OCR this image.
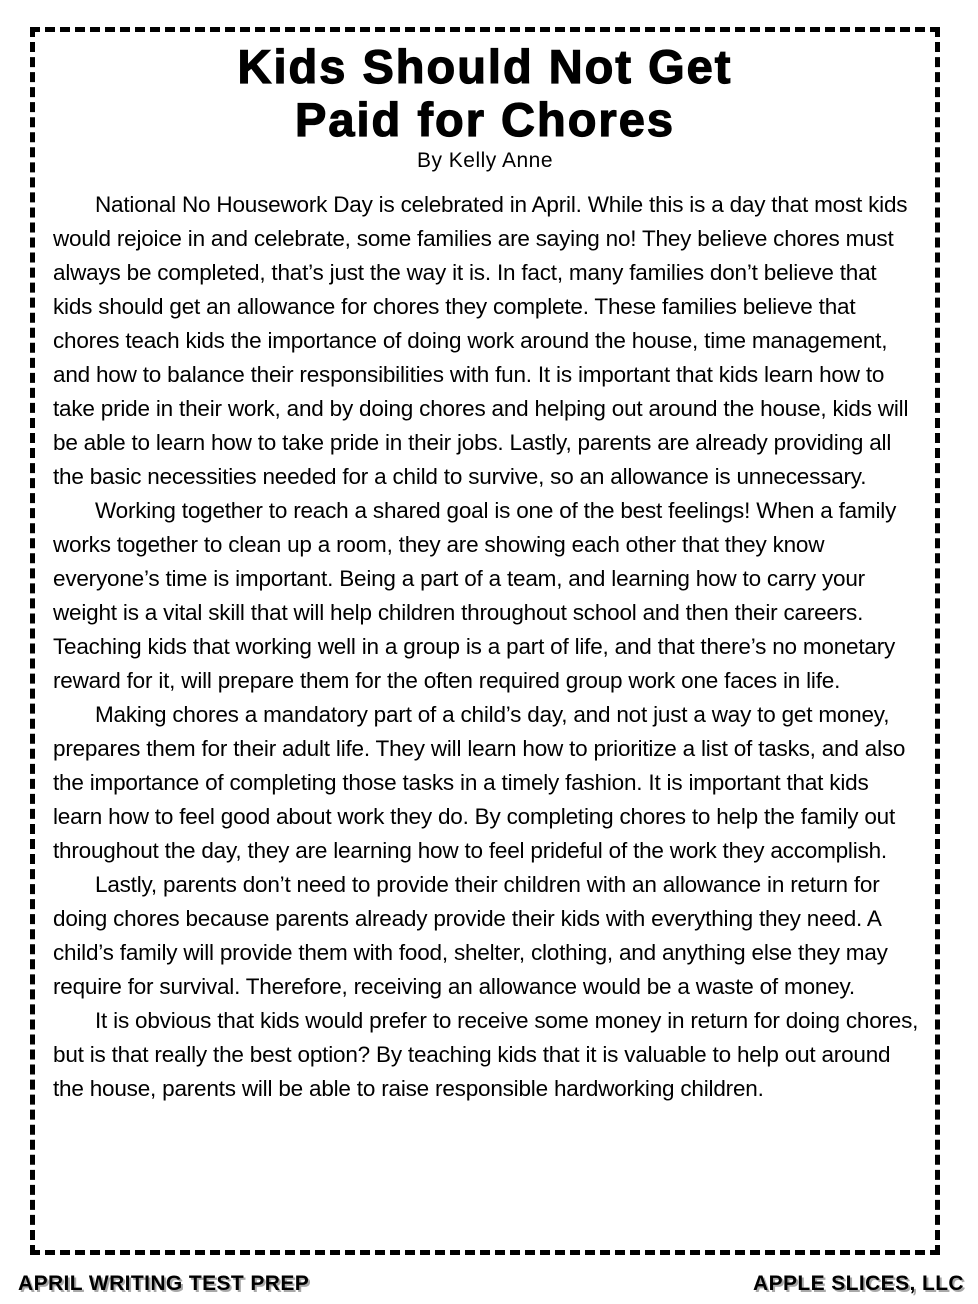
Kids Should Not Get
Paid for Chores
By Kelly Anne

National No Housework Day is celebrated in April. While this is a day that most kids would rejoice in and celebrate, some families are saying no! They believe chores must always be completed, that’s just the way it is. In fact, many families don’t believe that kids should get an allowance for chores they complete. These families believe that chores teach kids the importance of doing work around the house, time management, and how to balance their responsibilities with fun. It is important that kids learn how to take pride in their work, and by doing chores and helping out around the house, kids will be able to learn how to take pride in their jobs. Lastly, parents are already providing all the basic necessities needed for a child to survive, so an allowance is unnecessary.

Working together to reach a shared goal is one of the best feelings! When a family works together to clean up a room, they are showing each other that they know everyone’s time is important. Being a part of a team, and learning how to carry your weight is a vital skill that will help children throughout school and then their careers. Teaching kids that working well in a group is a part of life, and that there’s no monetary reward for it, will prepare them for the often required group work one faces in life.

Making chores a mandatory part of a child’s day, and not just a way to get money, prepares them for their adult life. They will learn how to prioritize a list of tasks, and also the importance of completing those tasks in a timely fashion. It is important that kids learn how to feel good about work they do. By completing chores to help the family out throughout the day, they are learning how to feel prideful of the work they accomplish.

Lastly, parents don’t need to provide their children with an allowance in return for doing chores because parents already provide their kids with everything they need. A child’s family will provide them with food, shelter, clothing, and anything else they may require for survival. Therefore, receiving an allowance would be a waste of money.

It is obvious that kids would prefer to receive some money in return for doing chores, but is that really the best option? By teaching kids that it is valuable to help out around the house, parents will be able to raise responsible hardworking children.

APRIL WRITING TEST PREP	APPLE SLICES, LLC
